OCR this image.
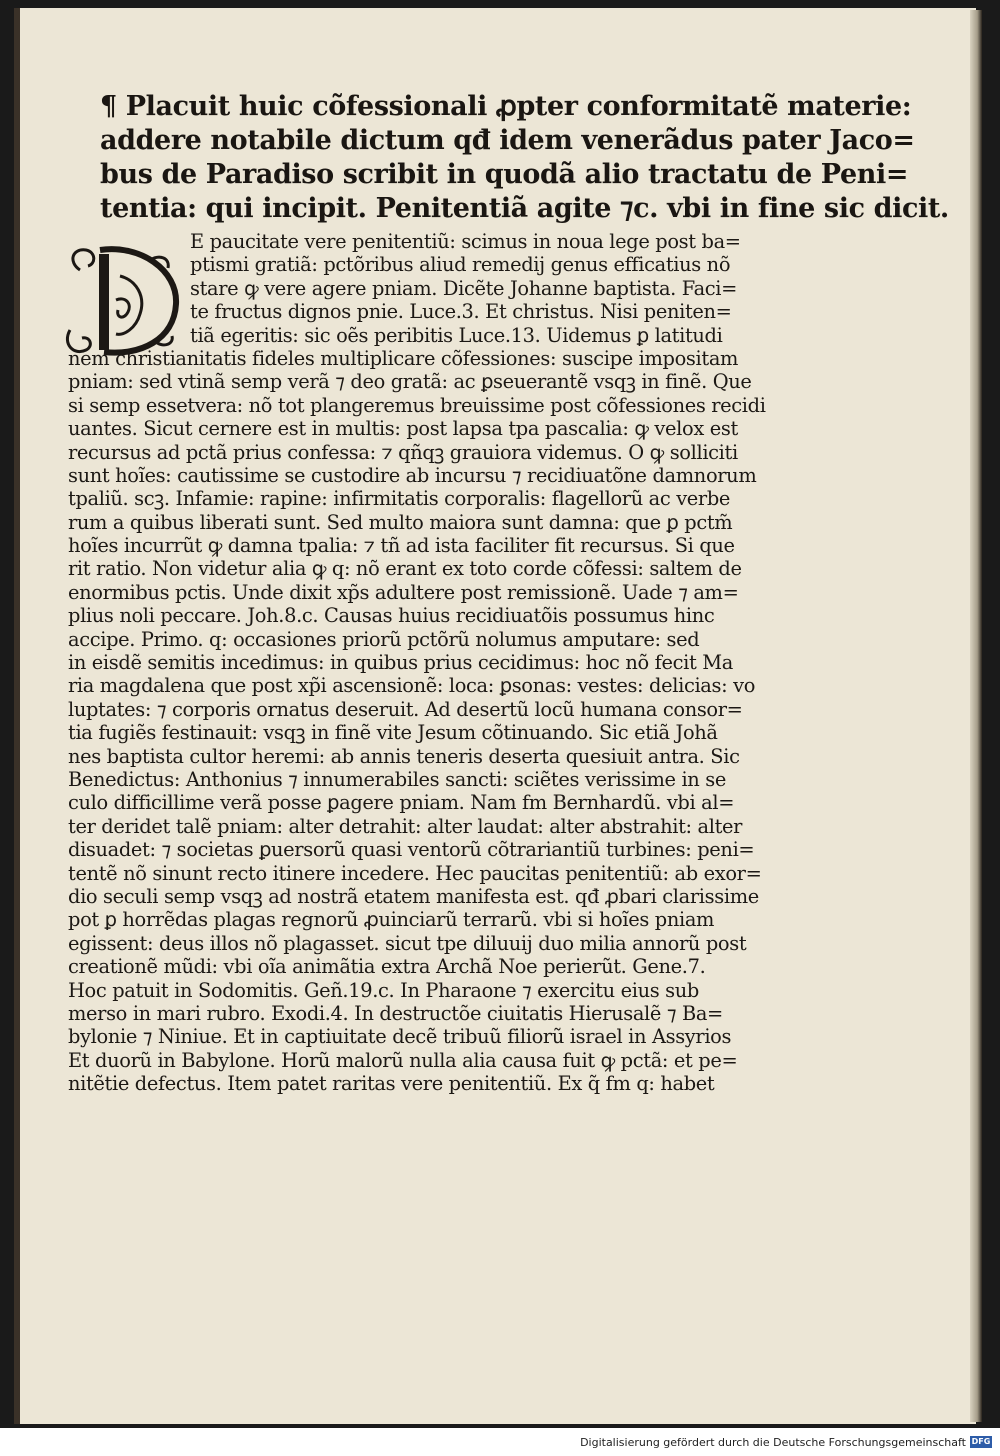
¶ Placuit huic cõfessionali ꝓpter conformitatẽ materie:
addere notabile dictum qđ idem venerãdus pater Jaco=
bus de Paradiso scribit in quodã alio tractatu de Peni=
tentia: qui incipit. Penitentiã agite ⁊c. vbi in fine sic dicit.
E paucitate vere penitentiũ: scimus in noua lege post ba=
ptismi gratiã: pctõribus aliud remedij genus efficatius nõ
stare ꝙ vere agere pniam. Dicẽte Johanne baptista. Faci=
te fructus dignos pnie. Luce.3. Et christus. Nisi peniten=
tiã egeritis: sic oẽs peribitis Luce.13. Uidemus ꝑ latitudi
nem christianitatis fideles multiplicare cõfessiones: suscipe impositam
pniam: sed vtinã semp verã ⁊ deo gratã: ac ꝑseuerantẽ vsqꝫ in finẽ. Que
si semp essetvera: nõ tot plangeremus breuissime post cõfessiones recidi
uantes. Sicut cernere est in multis: post lapsa tpa pascalia: ꝙ velox est
recursus ad pctã prius confessa: ⁊ qñqꝫ grauiora videmus. O ꝙ solliciti
sunt hoĩes: cautissime se custodire ab incursu ⁊ recidiuatõne damnorum
tpaliũ. scꝫ. Infamie: rapine: infirmitatis corporalis: flagellorũ ac verbe
rum a quibus liberati sunt. Sed multo maiora sunt damna: que ꝑ pctm̃
hoĩes incurrũt ꝙ damna tpalia: ⁊ tñ ad ista faciliter fit recursus. Si que
rit ratio. Non videtur alia ꝙ q: nõ erant ex toto corde cõfessi: saltem de
enormibus pctis. Unde dixit xp̃s adultere post remissionẽ. Uade ⁊ am=
plius noli peccare. Joh.8.c. Causas huius recidiuatõis possumus hinc
accipe. Primo. q: occasiones priorũ pctõrũ nolumus amputare: sed
in eisdẽ semitis incedimus: in quibus prius cecidimus: hoc nõ fecit Ma
ria magdalena que post xp̃i ascensionẽ: loca: ꝑsonas: vestes: delicias: vo
luptates: ⁊ corporis ornatus deseruit. Ad desertũ locũ humana consor=
tia fugiẽs festinauit: vsqꝫ in finẽ vite Jesum cõtinuando. Sic etiã Johã
nes baptista cultor heremi: ab annis teneris deserta quesiuit antra. Sic
Benedictus: Anthonius ⁊ innumerabiles sancti: sciẽtes verissime in se
culo difficillime verã posse ꝑagere pniam. Nam fm Bernhardũ. vbi al=
ter deridet talẽ pniam: alter detrahit: alter laudat: alter abstrahit: alter
disuadet: ⁊ societas ꝑuersorũ quasi ventorũ cõtrariantiũ turbines: peni=
tentẽ nõ sinunt recto itinere incedere. Hec paucitas penitentiũ: ab exor=
dio seculi semp vsqꝫ ad nostrã etatem manifesta est. qđ ꝓbari clarissime
pot ꝑ horrẽdas plagas regnorũ ꝓuinciarũ terrarũ. vbi si hoĩes pniam
egissent: deus illos nõ plagasset. sicut tpe diluuij duo milia annorũ post
creationẽ mũdi: vbi oĩa animãtia extra Archã Noe perierũt. Gene.7.
Hoc patuit in Sodomitis. Geñ.19.c. In Pharaone ⁊ exercitu eius sub
merso in mari rubro. Exodi.4. In destructõe ciuitatis Hierusalẽ ⁊ Ba=
bylonie ⁊ Niniue. Et in captiuitate decẽ tribuũ filiorũ israel in Assyrios
Et duorũ in Babylone. Horũ malorũ nulla alia causa fuit ꝙ pctã: et pe=
nitẽtie defectus. Item patet raritas vere penitentiũ. Ex q̃ fm q: habet
Digitalisierung gefördert durch die Deutsche Forschungsgemeinschaft DFG
